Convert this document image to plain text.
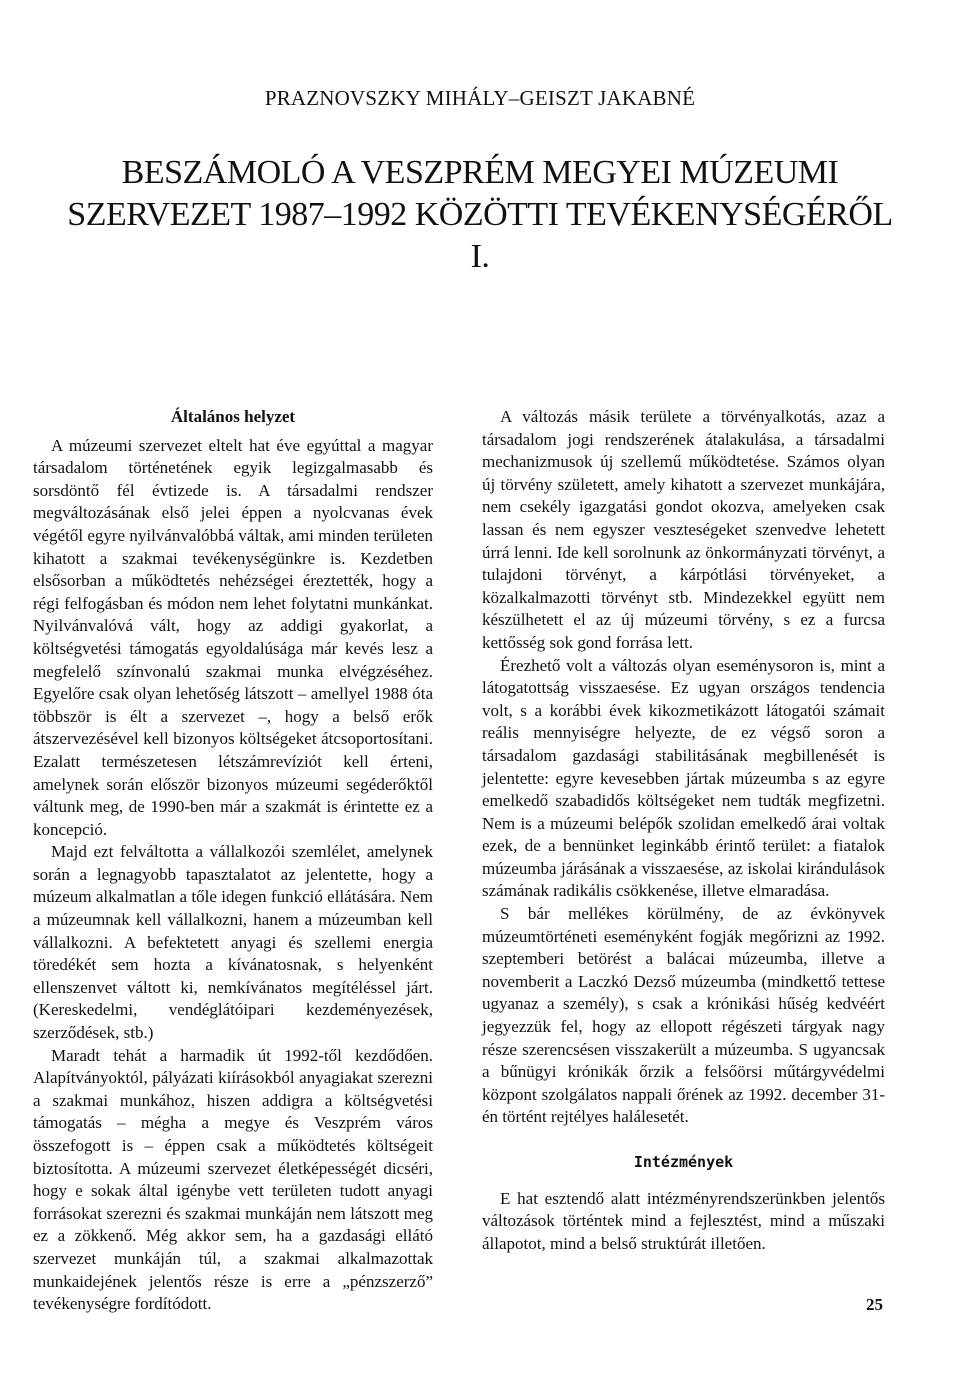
PRAZNOVSZKY MIHÁLY–GEISZT JAKABNÉ
BESZÁMOLÓ A VESZPRÉM MEGYEI MÚZEUMI
SZERVEZET 1987–1992 KÖZÖTTI TEVÉKENYSÉGÉRŐL
I.
Általános helyzet

A múzeumi szervezet eltelt hat éve egyúttal a magyar társadalom történetének egyik legizgalmasabb és sorsdöntő fél évtizede is. A társadalmi rendszer megváltozásának első jelei éppen a nyolcvanas évek végétől egyre nyilvánvalóbbá váltak, ami minden területen kihatott a szakmai tevékenységünkre is. Kezdetben elsősorban a működtetés nehézségei éreztették, hogy a régi felfogásban és módon nem lehet folytatni munkánkat. Nyilvánvalóvá vált, hogy az addigi gyakorlat, a költségvetési támogatás egyoldalúsága már kevés lesz a megfelelő színvonalú szakmai munka elvégzéséhez. Egyelőre csak olyan lehetőség látszott – amellyel 1988 óta többször is élt a szervezet –, hogy a belső erők átszervezésével kell bizonyos költségeket átcsoportosítani. Ezalatt természetesen létszámrevíziót kell érteni, amelynek során először bizonyos múzeumi segéderőktől váltunk meg, de 1990-ben már a szakmát is érintette ez a koncepció.

Majd ezt felváltotta a vállalkozói szemlélet, amelynek során a legnagyobb tapasztalatot az jelentette, hogy a múzeum alkalmatlan a tőle idegen funkció ellátására. Nem a múzeumnak kell vállalkozni, hanem a múzeumban kell vállalkozni. A befektetett anyagi és szellemi energia töredékét sem hozta a kívánatosnak, s helyenként ellenszenvet váltott ki, nemkívánatos megítéléssel járt. (Kereskedelmi, vendéglátóipari kezdeményezések, szerződések, stb.)

Maradt tehát a harmadik út 1992-től kezdődően. Alapítványoktól, pályázati kiírásokból anyagiakat szerezni a szakmai munkához, hiszen addigra a költségvetési támogatás – mégha a megye és Veszprém város összefogott is – éppen csak a működtetés költségeit biztosította. A múzeumi szervezet életképességét dicséri, hogy e sokak által igénybe vett területen tudott anyagi forrásokat szerezni és szakmai munkáján nem látszott meg ez a zökkenő. Még akkor sem, ha a gazdasági ellátó szervezet munkáján túl, a szakmai alkalmazottak munkaidejének jelentős része is erre a „pénzszerző” tevékenységre fordítódott.

A változás másik területe a törvényalkotás, azaz a társadalom jogi rendszerének átalakulása, a társadalmi mechanizmusok új szellemű működtetése. Számos olyan új törvény született, amely kihatott a szervezet munkájára, nem csekély igazgatási gondot okozva, amelyeken csak lassan és nem egyszer veszteségeket szenvedve lehetett úrrá lenni. Ide kell sorolnunk az önkormányzati törvényt, a tulajdoni törvényt, a kárpótlási törvényeket, a közalkalmazotti törvényt stb. Mindezekkel együtt nem készülhetett el az új múzeumi törvény, s ez a furcsa kettősség sok gond forrása lett.

Érezhető volt a változás olyan eseménysoron is, mint a látogatottság visszaesése. Ez ugyan országos tendencia volt, s a korábbi évek kikozmetikázott látogatói számait reális mennyiségre helyezte, de ez végső soron a társadalom gazdasági stabilitásának megbillenését is jelentette: egyre kevesebben jártak múzeumba s az egyre emelkedő szabadidős költségeket nem tudták megfizetni. Nem is a múzeumi belépők szolidan emelkedő árai voltak ezek, de a bennünket leginkább érintő terület: a fiatalok múzeumba járásának a visszaesése, az iskolai kirándulások számának radikális csökkenése, illetve elmaradása.

S bár mellékes körülmény, de az évkönyvek múzeumtörténeti eseményként fogják megőrizni az 1992. szeptemberi betörést a balácai múzeumba, illetve a novemberit a Laczkó Dezső múzeumba (mindkettő tettese ugyanaz a személy), s csak a krónikási hűség kedvéért jegyezzük fel, hogy az ellopott régészeti tárgyak nagy része szerencsésen visszakerült a múzeumba. S ugyancsak a bűnügyi krónikák őrzik a felsőörsi műtárgyvédelmi központ szolgálatos nappali őrének az 1992. december 31-én történt rejtélyes halálesetét.

Intézmények

E hat esztendő alatt intézményrendszerünkben jelentős változások történtek mind a fejlesztést, mind a műszaki állapotot, mind a belső struktúrát illetően.

25
